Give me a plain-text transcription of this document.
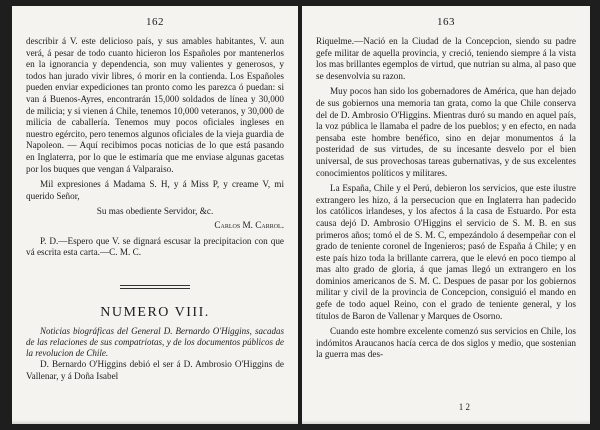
162

describir á V. este delicioso país, y sus amables habitantes, V. aun verá, á pesar de todo cuanto hicieron los Españoles por mantenerlos en la ignorancia y dependencia, son muy valientes y generosos, y todos han jurado vivir libres, ó morir en la contienda. Los Españoles pueden enviar expediciones tan pronto como les parezca ó puedan: si van á Buenos-Ayres, encontrarán 15,000 soldados de línea y 30,000 de milicia; y si vienen á Chile, tenemos 10,000 veteranos, y 30,000 de milicia de caballería. Tenemos muy pocos oficiales ingleses en nuestro egército, pero tenemos algunos oficiales de la vieja guardia de Napoleon. — Aquí recibimos pocas noticias de lo que está pasando en Inglaterra, por lo que le estimaría que me enviase algunas gacetas por los buques que vengan á Valparaiso.

Mil expresiones á Madama S. H, y á Miss P, y creame V, mi querido Señor,

Su mas obediente Servidor, &c.
Carlos M. Carrol.

P. D.—Espero que V. se dignará escusar la precipitacion con que vá escrita esta carta.—C. M. C.

NUMERO VIII.

Noticias biográficas del General D. Bernardo O'Higgins, sacadas de las relaciones de sus compatriotas, y de los documentos públicos de la revolucion de Chile.

D. Bernardo O'Higgins debió el ser á D. Ambrosio O'Higgins de Vallenar, y á Doña Isabel

163

Riquelme.—Nació en la Ciudad de la Concepcion, siendo su padre gefe militar de aquella provincia, y creció, teniendo siempre á la vista los mas brillantes egemplos de virtud, que nutrian su alma, al paso que se desenvolvia su razon.

Muy pocos han sido los gobernadores de América, que han dejado de sus gobiernos una memoria tan grata, como la que Chile conserva del de D. Ambrosio O'Higgins. Mientras duró su mando en aquel país, la voz pública le llamaba el padre de los pueblos; y en efecto, en nada pensaba este hombre benéfico, sino en dejar monumentos á la posteridad de sus virtudes, de su incesante desvelo por el bien universal, de sus provechosas tareas gubernativas, y de sus excelentes conocimientos políticos y militares.

La España, Chile y el Perú, debieron los servicios, que este ilustre extrangero les hizo, á la persecucion que en Inglaterra han padecido los católicos irlandeses, y los afectos á la casa de Estuardo. Por esta causa dejó D. Ambrosio O'Higgins el servicio de S. M. B. en sus primeros años; tomó el de S. M. C, empezándolo á desempeñar con el grado de teniente coronel de Ingenieros; pasó de España á Chile; y en este país hizo toda la brillante carrera, que le elevó en poco tiempo al mas alto grado de gloria, á que jamas llegó un extrangero en los dominios americanos de S. M. C. Despues de pasar por los gobiernos militar y civil de la provincia de Concepcion, consiguió el mando en gefe de todo aquel Reino, con el grado de teniente general, y los títulos de Baron de Vallenar y Marques de Osorno.

Cuando este hombre excelente comenzó sus servicios en Chile, los indómitos Araucanos hacía cerca de dos siglos y medio, que sostenian la guerra mas des-

1 2
